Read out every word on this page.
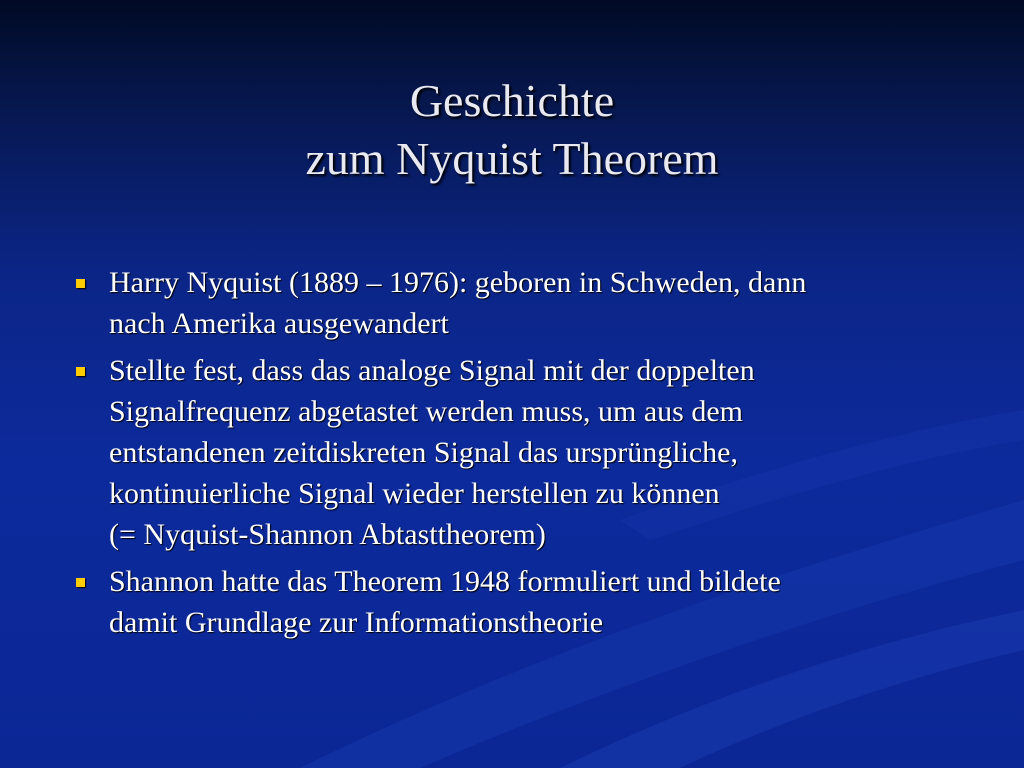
Geschichte
zum Nyquist Theorem
Harry Nyquist (1889 – 1976): geboren in Schweden, dann
nach Amerika ausgewandert
Stellte fest, dass das analoge Signal mit der doppelten
Signalfrequenz abgetastet werden muss, um aus dem
entstandenen zeitdiskreten Signal das ursprüngliche,
kontinuierliche Signal wieder herstellen zu können
(= Nyquist-Shannon Abtasttheorem)
Shannon hatte das Theorem 1948 formuliert und bildete
damit Grundlage zur Informationstheorie
